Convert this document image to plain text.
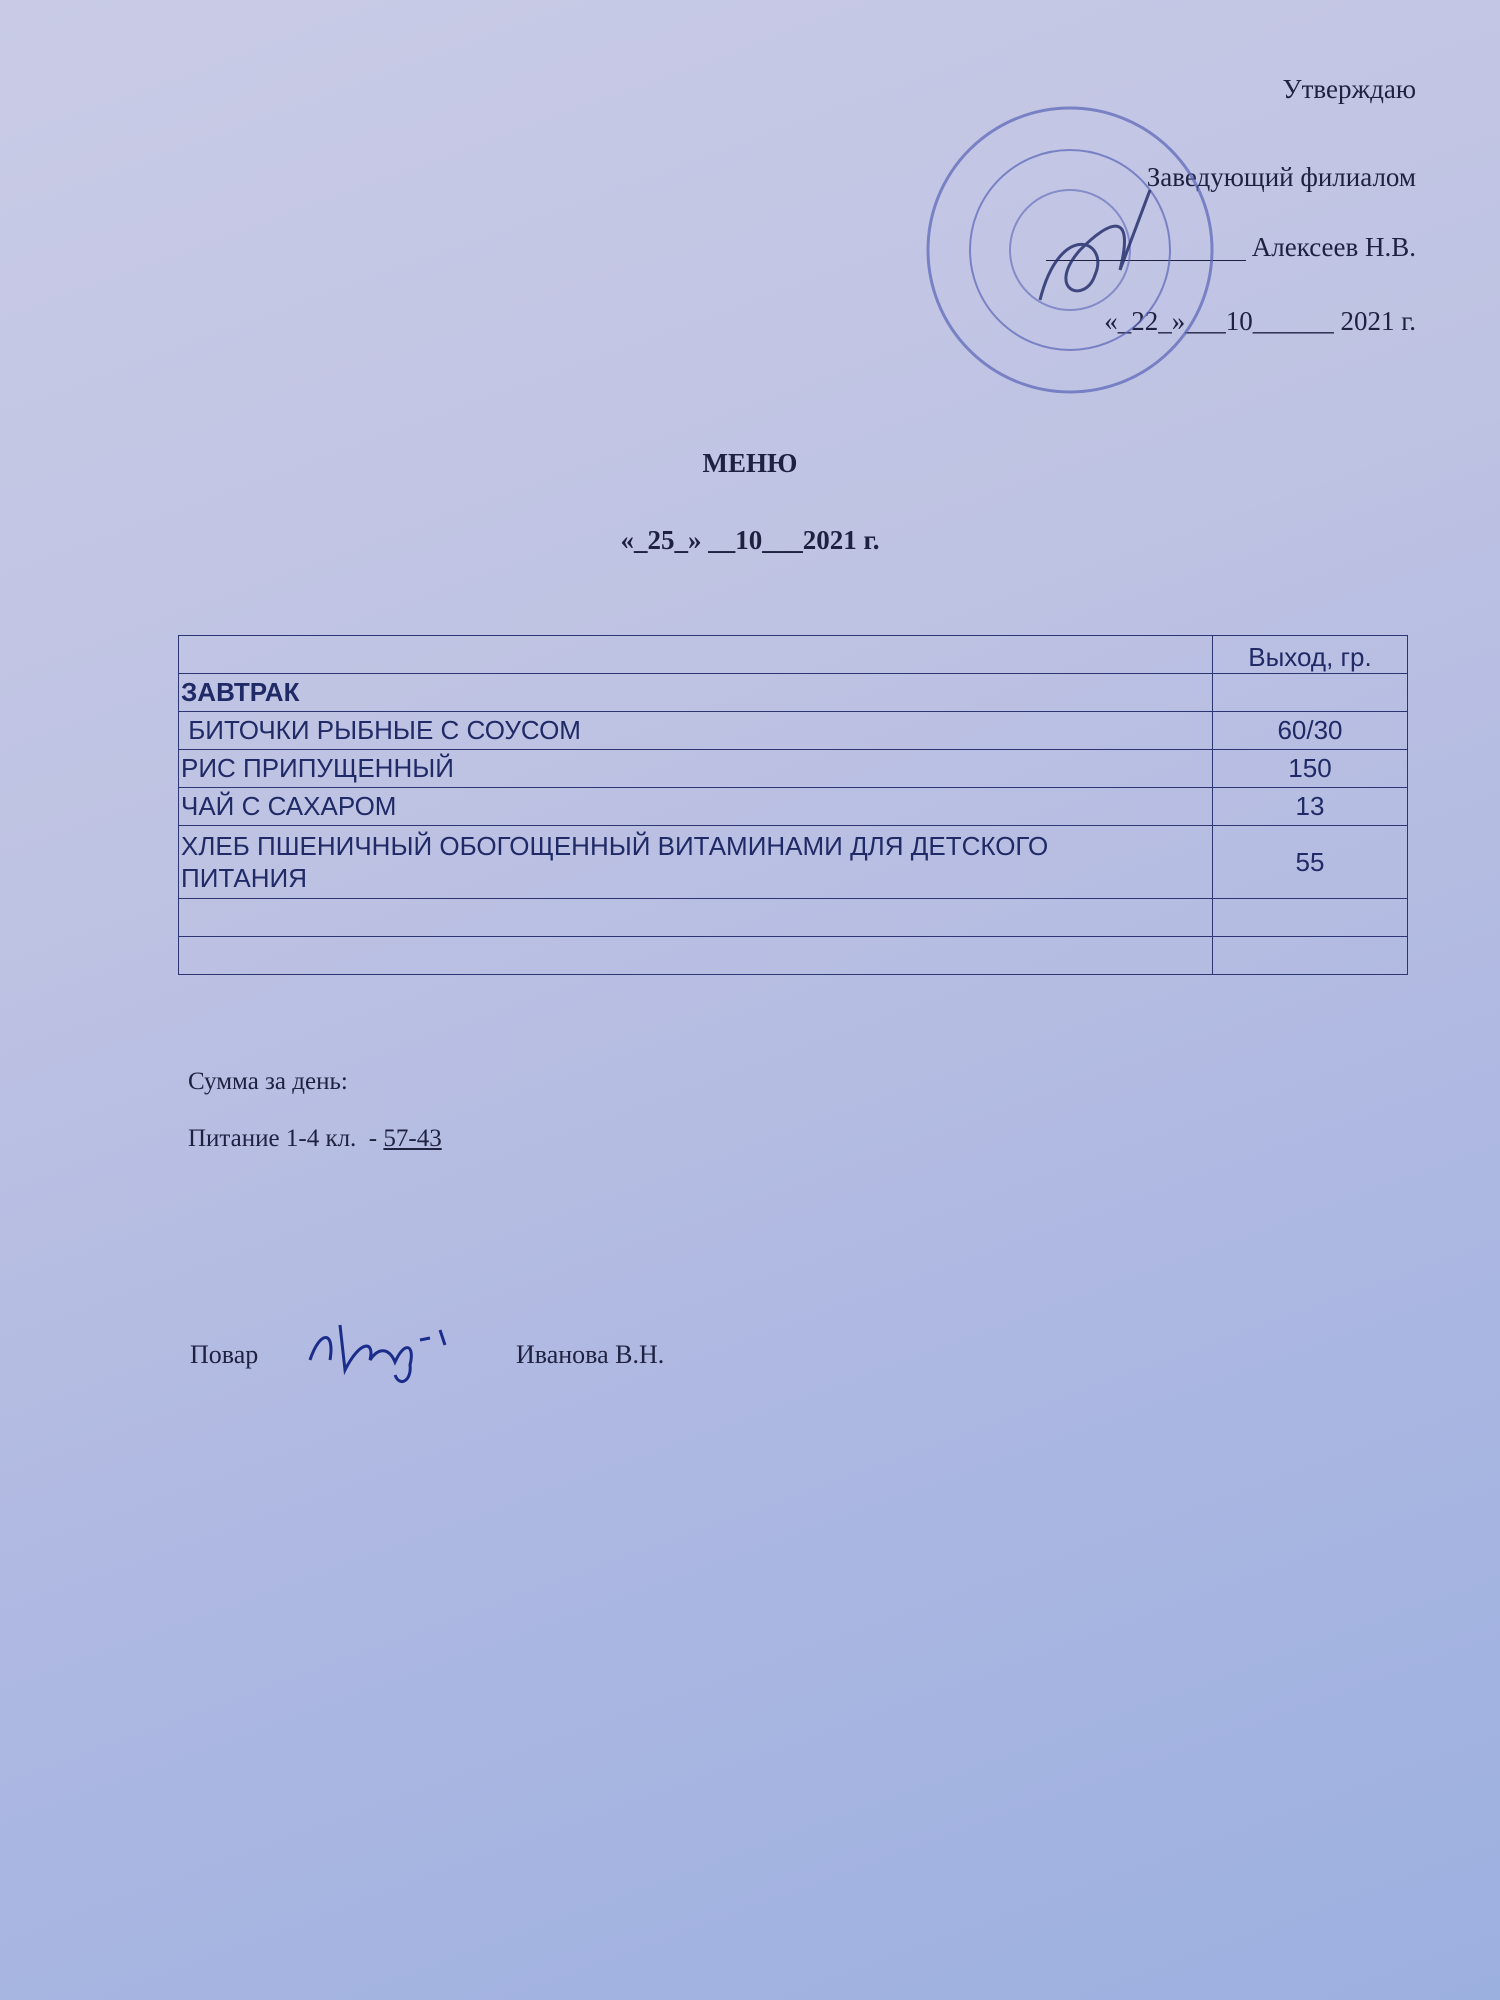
Утверждаю
Заведующий филиалом
Алексеев Н.В.
«_22_»___10______ 2021 г.
МЕНЮ
«_25_» __10___2021 г.
	Выход, гр.
ЗАВТРАК	
БИТОЧКИ РЫБНЫЕ С СОУСОМ	60/30
РИС ПРИПУЩЕННЫЙ	150
ЧАЙ С САХАРОМ	13
ХЛЕБ ПШЕНИЧНЫЙ ОБОГОЩЕННЫЙ ВИТАМИНАМИ ДЛЯ ДЕТСКОГО ПИТАНИЯ	55

Сумма за день:
Питание 1-4 кл.  - 57-43
Повар	Иванова В.Н.
